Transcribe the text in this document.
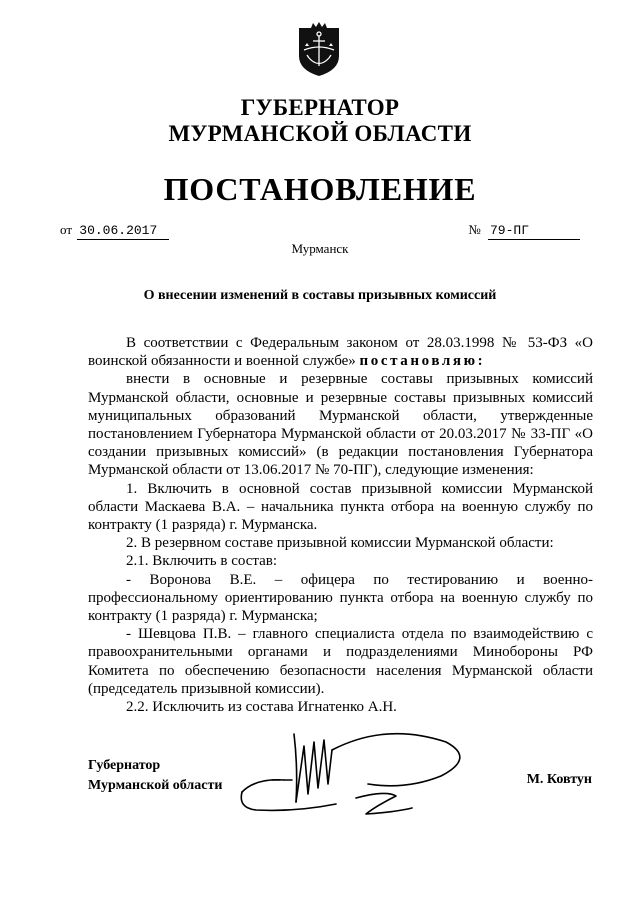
ГУБЕРНАТОР
МУРМАНСКОЙ ОБЛАСТИ
ПОСТАНОВЛЕНИЕ
от 30.06.2017	№ 79-ПГ
Мурманск
О внесении изменений в составы призывных комиссий

В соответствии с Федеральным законом от 28.03.1998 № 53-ФЗ «О воинской обязанности и военной службе» постановляю:

внести в основные и резервные составы призывных комиссий Мурманской области, основные и резервные составы призывных комиссий муниципальных образований Мурманской области, утвержденные постановлением Губернатора Мурманской области от 20.03.2017 № 33-ПГ «О создании призывных комиссий» (в редакции постановления Губернатора Мурманской области от 13.06.2017 № 70-ПГ), следующие изменения:

1. Включить в основной состав призывной комиссии Мурманской области Маскаева В.А. – начальника пункта отбора на военную службу по контракту (1 разряда) г. Мурманска.

2. В резервном составе призывной комиссии Мурманской области:

2.1. Включить в состав:

- Воронова В.Е. – офицера по тестированию и военно-профессиональному ориентированию пункта отбора на военную службу по контракту (1 разряда) г. Мурманска;

- Шевцова П.В. – главного специалиста отдела по взаимодействию с правоохранительными органами и подразделениями Минобороны РФ Комитета по обеспечению безопасности населения Мурманской области (председатель призывной комиссии).

2.2. Исключить из состава Игнатенко А.Н.

Губернатор
Мурманской области	М. Ковтун
